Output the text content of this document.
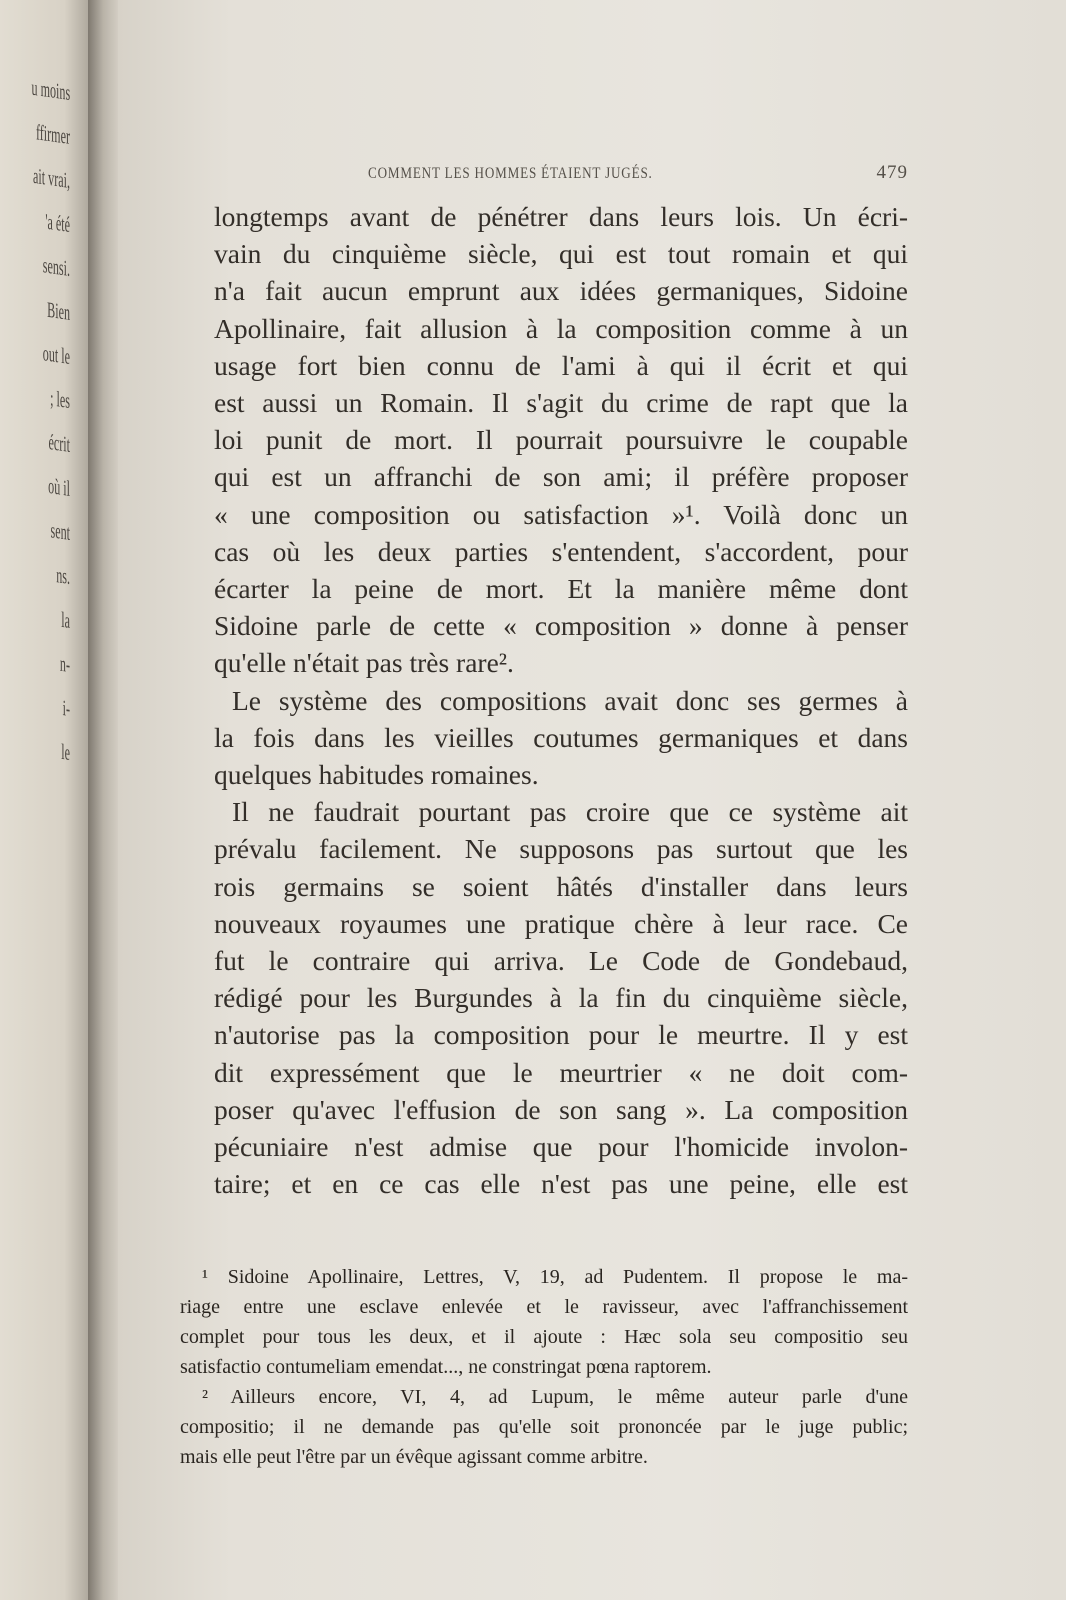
u moins
ffirmer
ait vrai,
'a été
sensi.
Bien
out le
; les
écrit
où il
sent
ns.
la
n-
i-
le
COMMENT LES HOMMES ÉTAIENT JUGÉS.	479
longtemps avant de pénétrer dans leurs lois. Un écri-
vain du cinquième siècle, qui est tout romain et qui
n'a fait aucun emprunt aux idées germaniques, Sidoine
Apollinaire, fait allusion à la composition comme à un
usage fort bien connu de l'ami à qui il écrit et qui
est aussi un Romain. Il s'agit du crime de rapt que la
loi punit de mort. Il pourrait poursuivre le coupable
qui est un affranchi de son ami; il préfère proposer
« une composition ou satisfaction »¹. Voilà donc un
cas où les deux parties s'entendent, s'accordent, pour
écarter la peine de mort. Et la manière même dont
Sidoine parle de cette « composition » donne à penser
qu'elle n'était pas très rare².
Le système des compositions avait donc ses germes à
la fois dans les vieilles coutumes germaniques et dans
quelques habitudes romaines.
Il ne faudrait pourtant pas croire que ce système ait
prévalu facilement. Ne supposons pas surtout que les
rois germains se soient hâtés d'installer dans leurs
nouveaux royaumes une pratique chère à leur race. Ce
fut le contraire qui arriva. Le Code de Gondebaud,
rédigé pour les Burgundes à la fin du cinquième siècle,
n'autorise pas la composition pour le meurtre. Il y est
dit expressément que le meurtrier « ne doit com-
poser qu'avec l'effusion de son sang ». La composition
pécuniaire n'est admise que pour l'homicide involon-
taire; et en ce cas elle n'est pas une peine, elle est
¹ Sidoine Apollinaire, Lettres, V, 19, ad Pudentem. Il propose le ma-
riage entre une esclave enlevée et le ravisseur, avec l'affranchissement
complet pour tous les deux, et il ajoute : Hæc sola seu compositio seu
satisfactio contumeliam emendat..., ne constringat pœna raptorem.
² Ailleurs encore, VI, 4, ad Lupum, le même auteur parle d'une
compositio; il ne demande pas qu'elle soit prononcée par le juge public;
mais elle peut l'être par un évêque agissant comme arbitre.
